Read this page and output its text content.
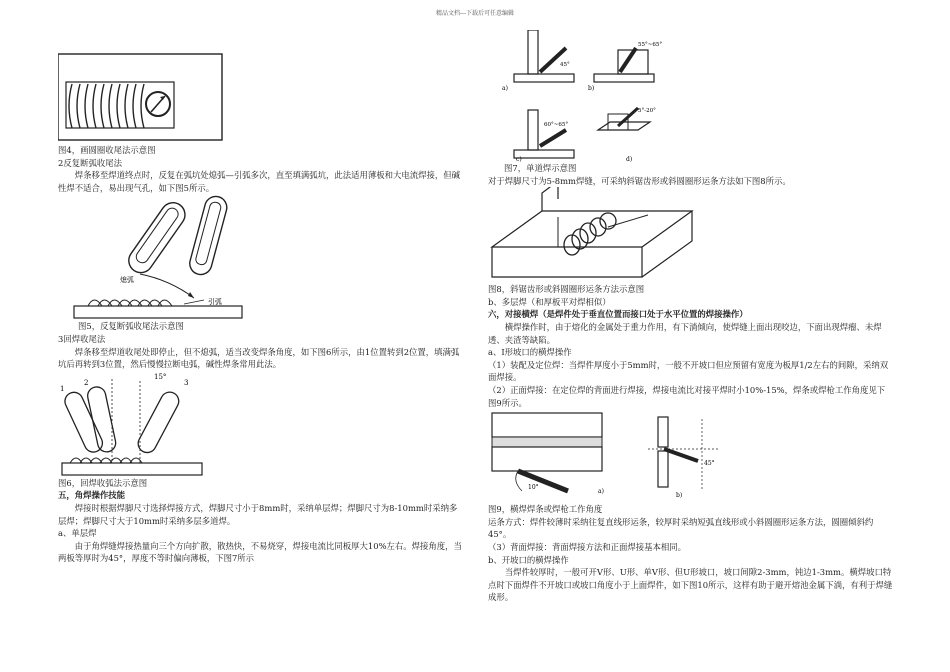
精品文档---下载后可任意编辑

图4，画圆圈收尾法示意图

2反复断弧收尾法

焊条移至焊道终点时，反复在弧坑处熄弧—引弧多次，直至填满弧坑，此法适用薄板和大电流焊接，但碱性焊不适合，易出现气孔，如下图5所示。

熄弧
引弧

图5，反复断弧收尾法示意图

3回焊收尾法

焊条移至焊道收尾处即停止，但不熄弧，适当改变焊条角度，如下图6所示，由1位置转到2位置，填满弧坑后再转到3位置，然后慢慢拉断电弧，碱性焊条常用此法。

1
2	3
15°

图6，回焊收弧法示意图

五，角焊操作技能

焊接时根据焊脚尺寸选择焊接方式，焊脚尺寸小于8mm时，采纳单层焊；焊脚尺寸为8-10mm时采纳多层焊；焊脚尺寸大于10mm时采纳多层多道焊。

a、单层焊

由于角焊缝焊接热量向三个方向扩散，散热快，不易烧穿，焊接电流比同板厚大10%左右。焊接角度，当两板等厚时为45°，厚度不等时偏向薄板，下图7所示

45°
a)
55°~65°
b)
60°~65°
c)
5°-20°
d)

图7，单道焊示意图

对于焊脚尺寸为5-8mm焊缝，可采纳斜锯齿形或斜圆圈形运条方法如下图8所示。

图8，斜锯齿形或斜圆圈形运条方法示意图

b、多层焊（和厚板平对焊相似）

六，对接横焊（是焊件处于垂直位置而接口处于水平位置的焊接操作）

横焊操作时，由于熔化的金属处于重力作用，有下淌倾向，使焊缝上面出现咬边，下面出现焊瘤、未焊透、夹渣等缺陷。

a、I形坡口的横焊操作

（1）装配及定位焊：当焊件厚度小于5mm时，一般不开坡口但应预留有宽度为板厚1/2左右的间隙，采纳双面焊接。

（2）正面焊接：在定位焊的背面进行焊接，焊接电流比对接平焊时小10%-15%，焊条或焊枪工作角度见下图9所示。

10°
a)
45°
b)

图9，横焊焊条或焊枪工作角度

运条方式：焊件较薄时采纳往复直线形运条，较厚时采纳短弧直线形或小斜圆圈形运条方法，圆圈倾斜约45°。

（3）背面焊接：背面焊接方法和正面焊接基本相同。

b、开坡口的横焊操作

当焊件较厚时，一般可开V形、U形、单V形、但U形坡口，坡口间隙2-3mm，钝边1-3mm。横焊坡口特点时下面焊件不开坡口或坡口角度小于上面焊件，如下图10所示，这样有助于避开熔池金属下淌，有利于焊缝成形。
